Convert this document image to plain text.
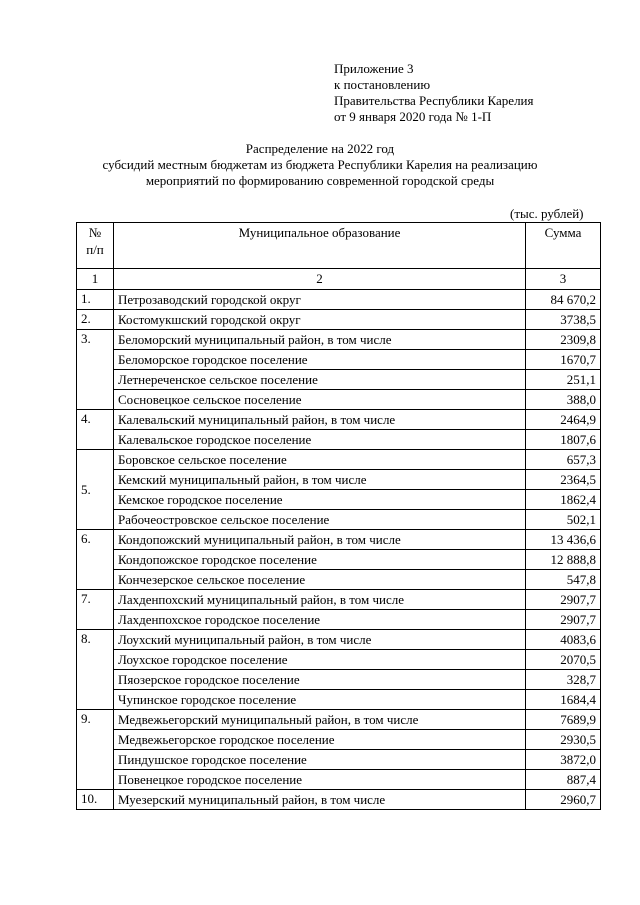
Приложение 3
к постановлению
Правительства Республики Карелия
от 9 января 2020 года № 1-П
Распределение на 2022 год
субсидий местным бюджетам из бюджета Республики Карелия на реализацию
мероприятий по формированию современной городской среды
(тыс. рублей)
№
п/п	Муниципальное образование	Сумма
1	2	3
1.	Петрозаводский городской округ	84 670,2
2.	Костомукшский городской округ	3738,5
3.	Беломорский муниципальный район, в том числе	2309,8
	Беломорское городское поселение	1670,7
	Летнереченское сельское поселение	251,1
	Сосновецкое сельское поселение	388,0
4.	Калевальский муниципальный район, в том числе	2464,9
	Калевальское городское поселение	1807,6
5.	Боровское сельское поселение	657,3
	Кемский муниципальный район, в том числе	2364,5
	Кемское городское поселение	1862,4
	Рабочеостровское сельское поселение	502,1
6.	Кондопожский муниципальный район, в том числе	13 436,6
	Кондопожское городское поселение	12 888,8
	Кончезерское сельское поселение	547,8
7.	Лахденпохский муниципальный район, в том числе	2907,7
	Лахденпохское городское поселение	2907,7
8.	Лоухский муниципальный район, в том числе	4083,6
	Лоухское городское поселение	2070,5
	Пяозерское городское поселение	328,7
	Чупинское городское поселение	1684,4
9.	Медвежьегорский муниципальный район, в том числе	7689,9
	Медвежьегорское городское поселение	2930,5
	Пиндушское городское поселение	3872,0
	Повенецкое городское поселение	887,4
10.	Муезерский муниципальный район, в том числе	2960,7
